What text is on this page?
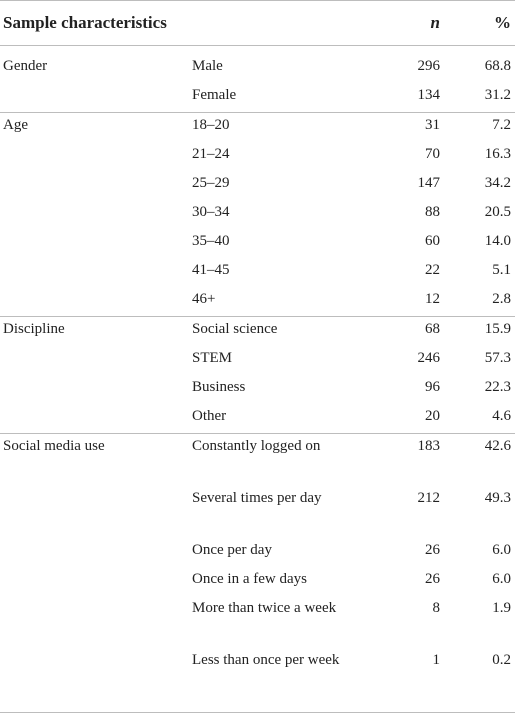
Sample characteristics		n	%
Gender	Male	296	68.8
	Female	134	31.2
Age	18–20	31	7.2
	21–24	70	16.3
	25–29	147	34.2
	30–34	88	20.5
	35–40	60	14.0
	41–45	22	5.1
	46+	12	2.8
Discipline	Social science	68	15.9
	STEM	246	57.3
	Business	96	22.3
	Other	20	4.6
Social media use	Constantly logged on	183	42.6
	Several times per day	212	49.3
	Once per day	26	6.0
	Once in a few days	26	6.0
	More than twice a week	8	1.9
	Less than once per week	1	0.2
